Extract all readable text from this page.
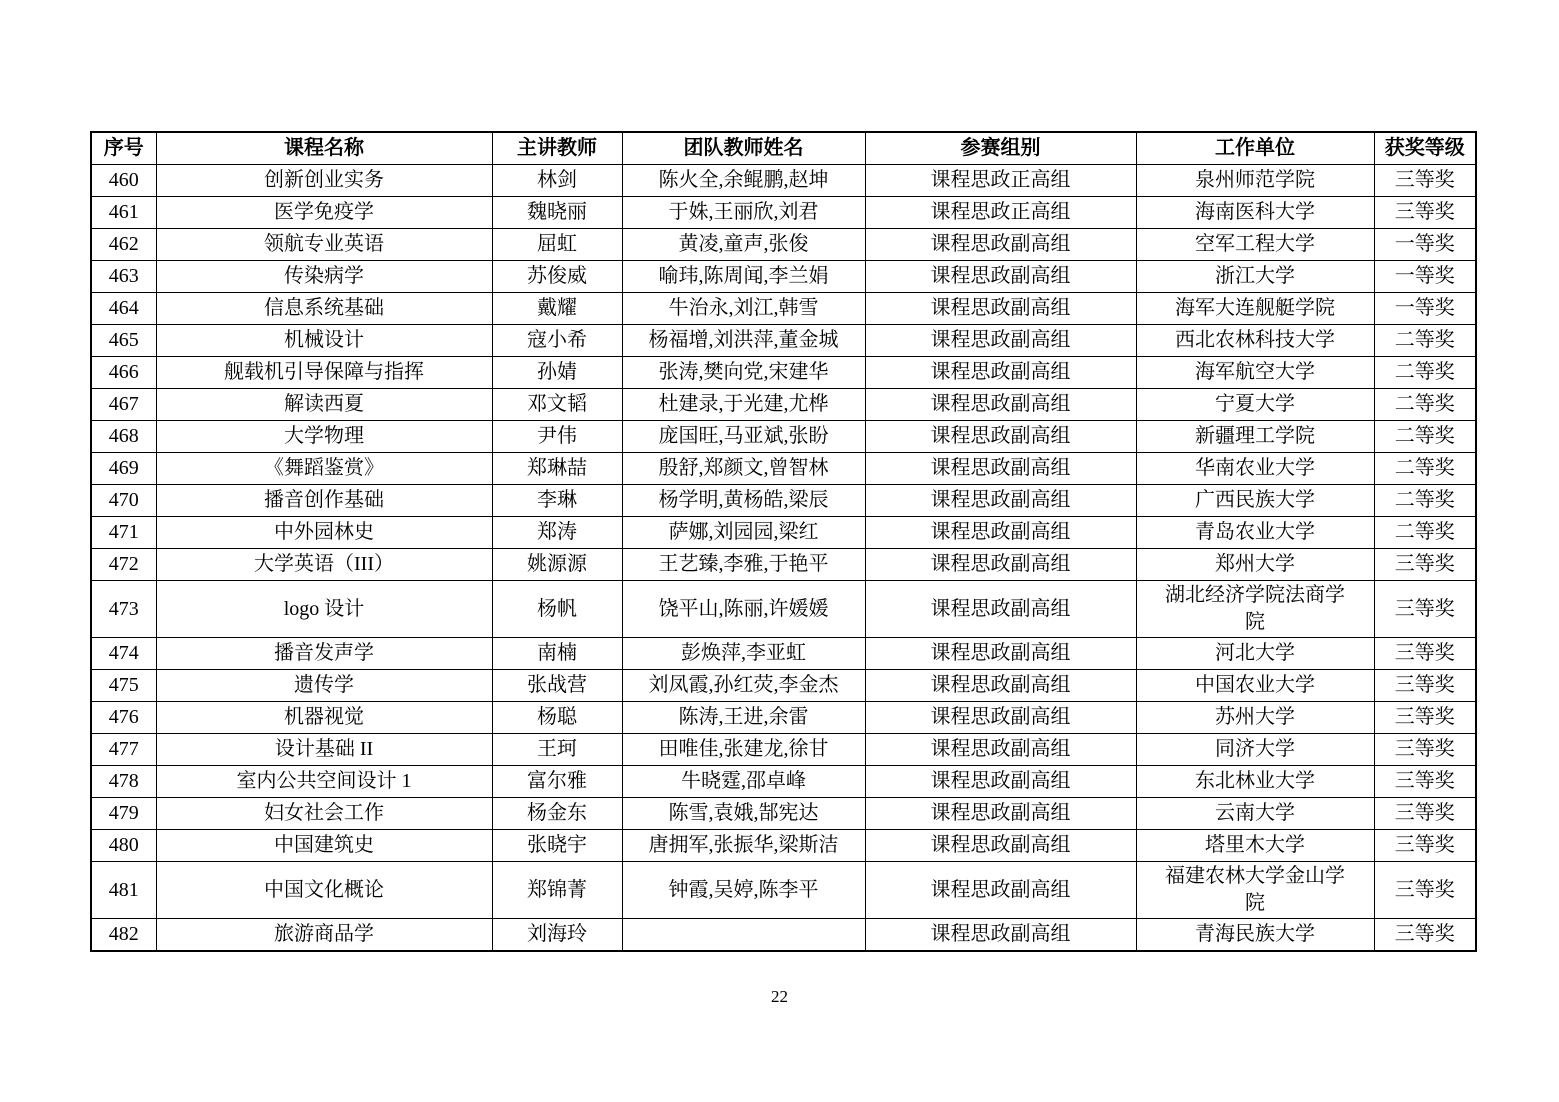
序号	课程名称	主讲教师	团队教师姓名	参赛组别	工作单位	获奖等级
460	创新创业实务	林剑	陈火全,余鲲鹏,赵坤	课程思政正高组	泉州师范学院	三等奖
461	医学免疫学	魏晓丽	于姝,王丽欣,刘君	课程思政正高组	海南医科大学	三等奖
462	领航专业英语	屈虹	黄凌,童声,张俊	课程思政副高组	空军工程大学	一等奖
463	传染病学	苏俊威	喻玮,陈周闻,李兰娟	课程思政副高组	浙江大学	一等奖
464	信息系统基础	戴耀	牛治永,刘江,韩雪	课程思政副高组	海军大连舰艇学院	一等奖
465	机械设计	寇小希	杨福增,刘洪萍,董金城	课程思政副高组	西北农林科技大学	二等奖
466	舰载机引导保障与指挥	孙婧	张涛,樊向党,宋建华	课程思政副高组	海军航空大学	二等奖
467	解读西夏	邓文韬	杜建录,于光建,尤桦	课程思政副高组	宁夏大学	二等奖
468	大学物理	尹伟	庞国旺,马亚斌,张盼	课程思政副高组	新疆理工学院	二等奖
469	《舞蹈鉴赏》	郑琳喆	殷舒,郑颜文,曾智林	课程思政副高组	华南农业大学	二等奖
470	播音创作基础	李琳	杨学明,黄杨皓,梁辰	课程思政副高组	广西民族大学	二等奖
471	中外园林史	郑涛	萨娜,刘园园,梁红	课程思政副高组	青岛农业大学	二等奖
472	大学英语（III）	姚源源	王艺臻,李雅,于艳平	课程思政副高组	郑州大学	三等奖
473	logo 设计	杨帆	饶平山,陈丽,许媛媛	课程思政副高组	湖北经济学院法商学院	三等奖
474	播音发声学	南楠	彭焕萍,李亚虹	课程思政副高组	河北大学	三等奖
475	遗传学	张战营	刘凤霞,孙红荧,李金杰	课程思政副高组	中国农业大学	三等奖
476	机器视觉	杨聪	陈涛,王进,余雷	课程思政副高组	苏州大学	三等奖
477	设计基础 II	王珂	田唯佳,张建龙,徐甘	课程思政副高组	同济大学	三等奖
478	室内公共空间设计 1	富尔雅	牛晓霆,邵卓峰	课程思政副高组	东北林业大学	三等奖
479	妇女社会工作	杨金东	陈雪,袁娥,郜宪达	课程思政副高组	云南大学	三等奖
480	中国建筑史	张晓宇	唐拥军,张振华,梁斯洁	课程思政副高组	塔里木大学	三等奖
481	中国文化概论	郑锦菁	钟霞,吴婷,陈李平	课程思政副高组	福建农林大学金山学院	三等奖
482	旅游商品学	刘海玲		课程思政副高组	青海民族大学	三等奖
22
